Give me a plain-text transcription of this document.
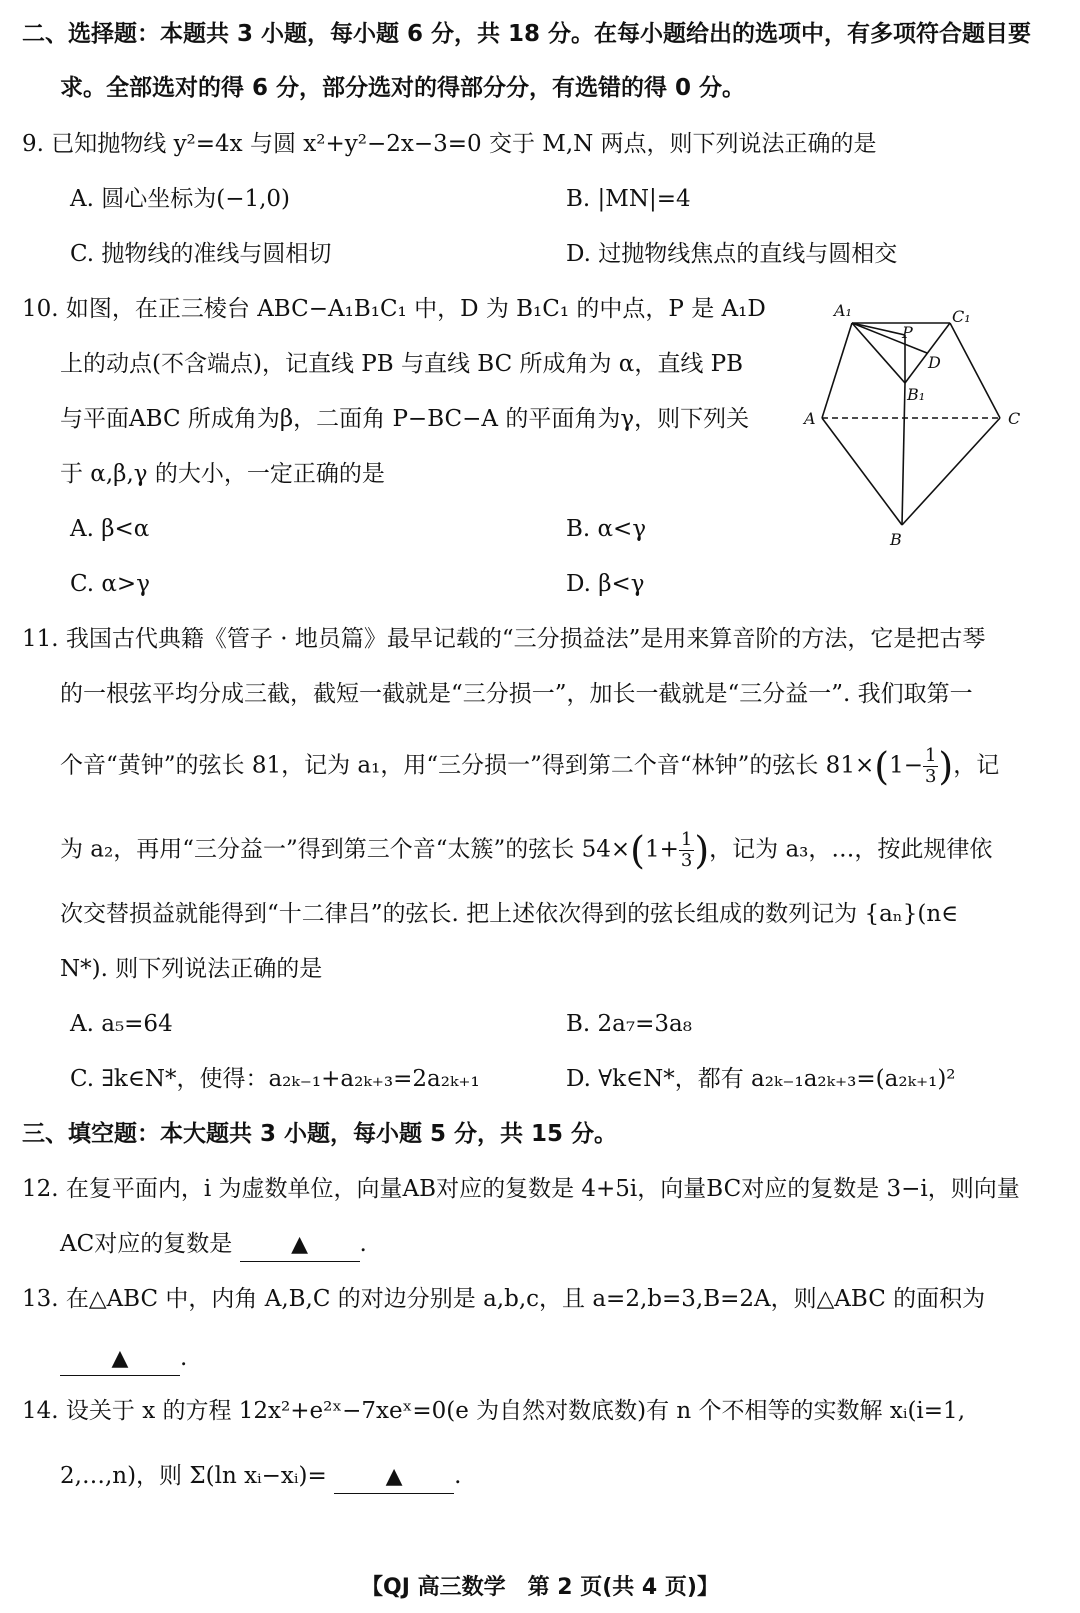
二、选择题：本题共 3 小题，每小题 6 分，共 18 分。在每小题给出的选项中，有多项符合题目要
求。全部选对的得 6 分，部分选对的得部分分，有选错的得 0 分。
9. 已知抛物线 y²=4x 与圆 x²+y²−2x−3=0 交于 M,N 两点，则下列说法正确的是
A. 圆心坐标为(−1,0)	B. |MN|=4
C. 抛物线的准线与圆相切	D. 过抛物线焦点的直线与圆相交
10. 如图，在正三棱台 ABC−A₁B₁C₁ 中，D 为 B₁C₁ 的中点，P 是 A₁D
上的动点(不含端点)，记直线 PB 与直线 BC 所成角为 α，直线 PB
与平面ABC 所成角为β，二面角 P−BC−A 的平面角为γ，则下列关
于 α,β,γ 的大小，一定正确的是
A. β<α	B. α<γ
C. α>γ	D. β<γ
A₁	C₁
P
D
B₁
A	C
B
11. 我国古代典籍《管子 · 地员篇》最早记载的“三分损益法”是用来算音阶的方法，它是把古琴
的一根弦平均分成三截，截短一截就是“三分损一”，加长一截就是“三分益一”. 我们取第一
个音“黄钟”的弦长 81，记为 a₁，用“三分损一”得到第二个音“林钟”的弦长 $81\times(1- \frac{1}{3}$ )，记
为 a₂，再用“三分益一”得到第三个音“太簇”的弦长 $54\times(1+ \frac{1}{3}$ )，记为 a₃，…，按此规律依
次交替损益就能得到“十二律吕”的弦长. 把上述依次得到的弦长组成的数列记为 {aₙ}(n∈
N*). 则下列说法正确的是
A. a₅=64	B. 2a₇=3a₈
C. ∃k∈N*，使得：a₂ₖ₋₁+a₂ₖ₊₃=2a₂ₖ₊₁	D. ∀k∈N*，都有 a₂ₖ₋₁a₂ₖ₊₃=(a₂ₖ₊₁)²
三、填空题：本大题共 3 小题，每小题 5 分，共 15 分。
12. 在复平面内，i 为虚数单位，向量AB对应的复数是 4+5i，向量BC对应的复数是 3−i，则向量
AC对应的复数是	▲ .
13. 在△ABC 中，内角 A,B,C 的对边分别是 a,b,c，且 a=2,b=3,B=2A，则△ABC 的面积为
▲ .
14. 设关于 x 的方程 12x²+e²ˣ−7xeˣ=0(e 为自然对数底数)有 n 个不相等的实数解 xᵢ(i=1,
2,…,n)，则 Σ(ln xᵢ−xᵢ)=	▲ .
【QJ 高三数学　第 2 页(共 4 页)】
